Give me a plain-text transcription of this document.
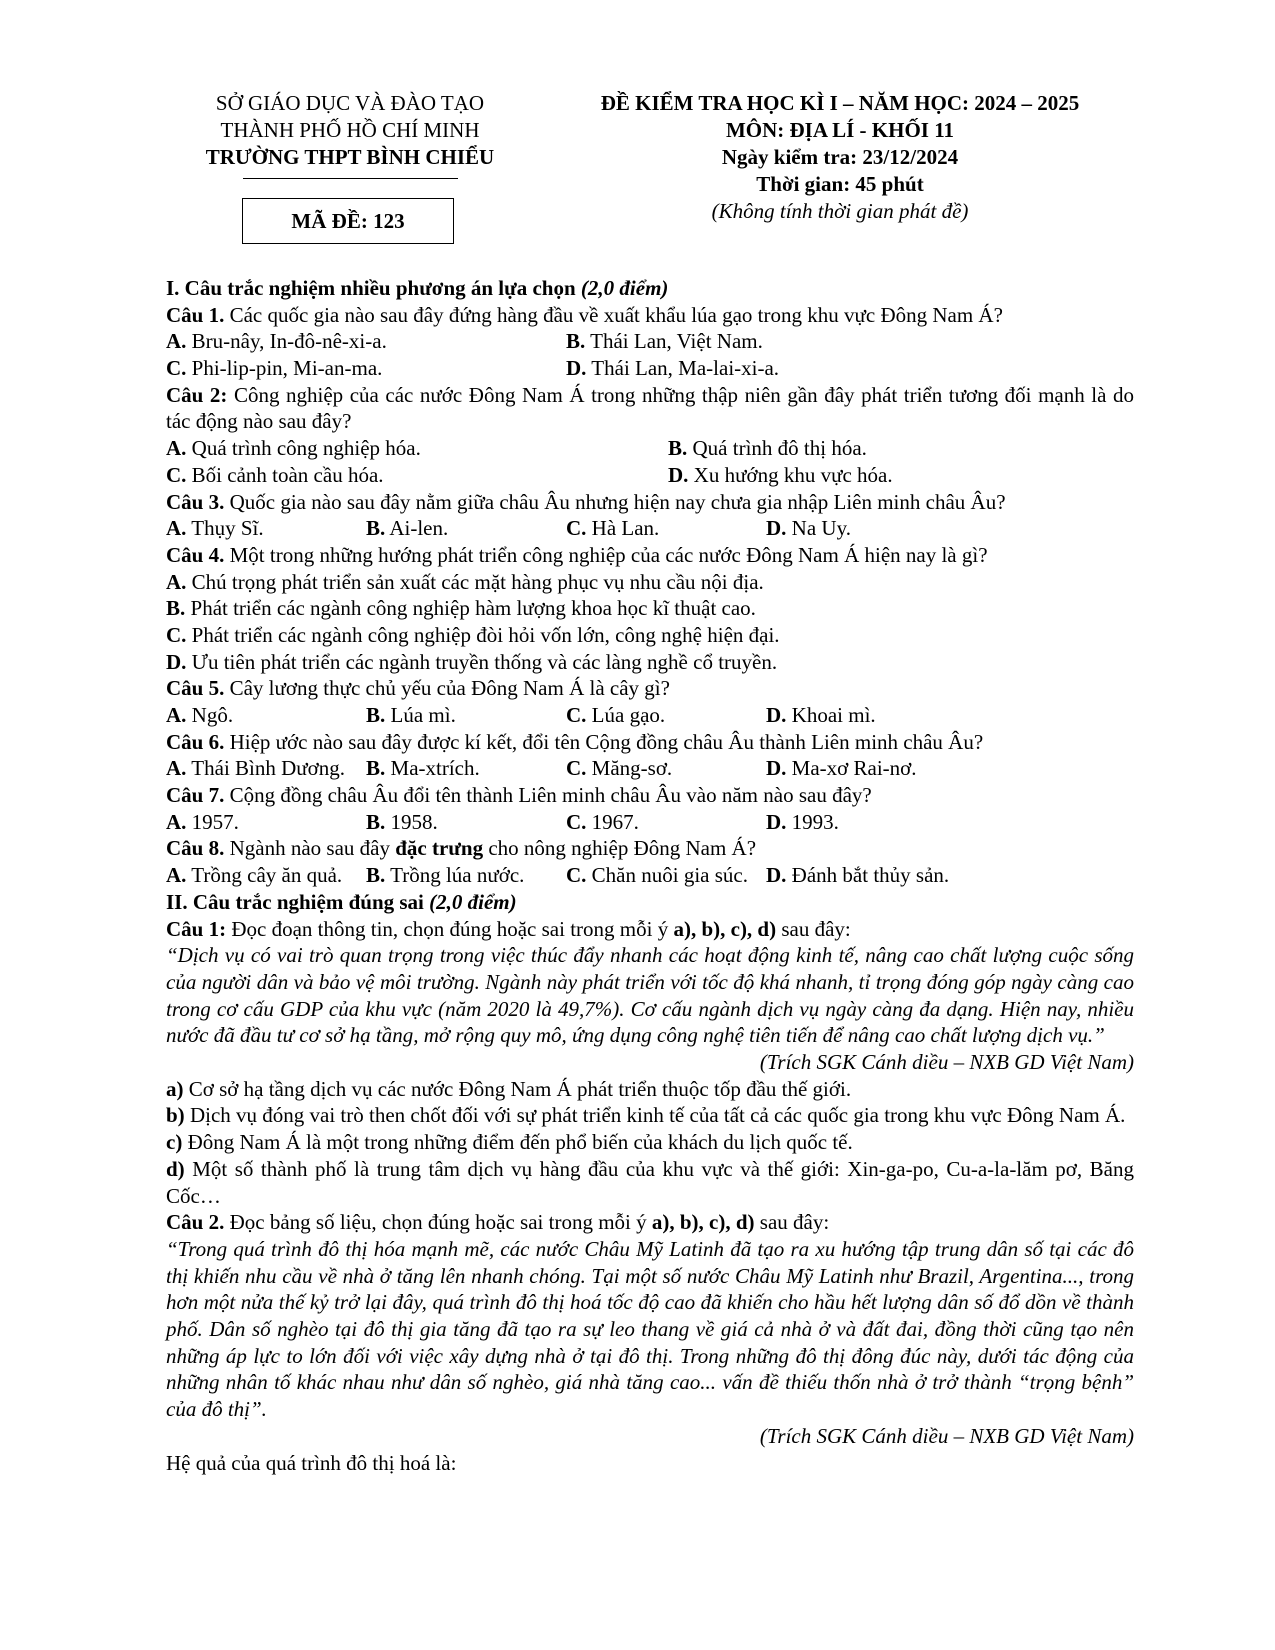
SỞ GIÁO DỤC VÀ ĐÀO TẠO
THÀNH PHỐ HỒ CHÍ MINH
TRƯỜNG THPT BÌNH CHIỂU
MÃ ĐỀ: 123
ĐỀ KIỂM TRA HỌC KÌ I – NĂM HỌC: 2024 – 2025
MÔN: ĐỊA LÍ - KHỐI 11
Ngày kiểm tra: 23/12/2024
Thời gian: 45 phút
(Không tính thời gian phát đề)
I. Câu trắc nghiệm nhiều phương án lựa chọn (2,0 điểm)
Câu 1. Các quốc gia nào sau đây đứng hàng đầu về xuất khẩu lúa gạo trong khu vực Đông Nam Á?
A. Bru-nây, In-đô-nê-xi-a.	B. Thái Lan, Việt Nam.
C. Phi-lip-pin, Mi-an-ma.	D. Thái Lan, Ma-lai-xi-a.
Câu 2: Công nghiệp của các nước Đông Nam Á trong những thập niên gần đây phát triển tương đối mạnh là do tác động nào sau đây?
A. Quá trình công nghiệp hóa.	B. Quá trình đô thị hóa.
C. Bối cảnh toàn cầu hóa.	D. Xu hướng khu vực hóa.
Câu 3. Quốc gia nào sau đây nằm giữa châu Âu nhưng hiện nay chưa gia nhập Liên minh châu Âu?
A. Thụy Sĩ.	B. Ai-len.	C. Hà Lan.	D. Na Uy.
Câu 4. Một trong những hướng phát triển công nghiệp của các nước Đông Nam Á hiện nay là gì?
A. Chú trọng phát triển sản xuất các mặt hàng phục vụ nhu cầu nội địa.
B. Phát triển các ngành công nghiệp hàm lượng khoa học kĩ thuật cao.
C. Phát triển các ngành công nghiệp đòi hỏi vốn lớn, công nghệ hiện đại.
D. Ưu tiên phát triển các ngành truyền thống và các làng nghề cổ truyền.
Câu 5. Cây lương thực chủ yếu của Đông Nam Á là cây gì?
A. Ngô.	B. Lúa mì.	C. Lúa gạo.	D. Khoai mì.
Câu 6. Hiệp ước nào sau đây được kí kết, đổi tên Cộng đồng châu Âu thành Liên minh châu Âu?
A. Thái Bình Dương. B. Ma-xtrích.	C. Măng-sơ.	D. Ma-xơ Rai-nơ.
Câu 7. Cộng đồng châu Âu đổi tên thành Liên minh châu Âu vào năm nào sau đây?
A. 1957.	B. 1958.	C. 1967.	D. 1993.
Câu 8. Ngành nào sau đây đặc trưng cho nông nghiệp Đông Nam Á?
A. Trồng cây ăn quả.	B. Trồng lúa nước.	C. Chăn nuôi gia súc. D. Đánh bắt thủy sản.
II. Câu trắc nghiệm đúng sai (2,0 điểm)
Câu 1: Đọc đoạn thông tin, chọn đúng hoặc sai trong mỗi ý a), b), c), d) sau đây:
“Dịch vụ có vai trò quan trọng trong việc thúc đẩy nhanh các hoạt động kinh tế, nâng cao chất lượng cuộc sống của người dân và bảo vệ môi trường. Ngành này phát triển với tốc độ khá nhanh, tỉ trọng đóng góp ngày càng cao trong cơ cấu GDP của khu vực (năm 2020 là 49,7%). Cơ cấu ngành dịch vụ ngày càng đa dạng. Hiện nay, nhiều nước đã đầu tư cơ sở hạ tầng, mở rộng quy mô, ứng dụng công nghệ tiên tiến để nâng cao chất lượng dịch vụ.”
(Trích SGK Cánh diều – NXB GD Việt Nam)
a) Cơ sở hạ tầng dịch vụ các nước Đông Nam Á phát triển thuộc tốp đầu thế giới.
b) Dịch vụ đóng vai trò then chốt đối với sự phát triển kinh tế của tất cả các quốc gia trong khu vực Đông Nam Á.
c) Đông Nam Á là một trong những điểm đến phổ biến của khách du lịch quốc tế.
d) Một số thành phố là trung tâm dịch vụ hàng đầu của khu vực và thế giới: Xin-ga-po, Cu-a-la-lăm pơ, Băng Cốc…
Câu 2. Đọc bảng số liệu, chọn đúng hoặc sai trong mỗi ý a), b), c), d) sau đây:
“Trong quá trình đô thị hóa mạnh mẽ, các nước Châu Mỹ Latinh đã tạo ra xu hướng tập trung dân số tại các đô thị khiến nhu cầu về nhà ở tăng lên nhanh chóng. Tại một số nước Châu Mỹ Latinh như Brazil, Argentina..., trong hơn một nửa thế kỷ trở lại đây, quá trình đô thị hoá tốc độ cao đã khiến cho hầu hết lượng dân số đổ dồn về thành phố. Dân số nghèo tại đô thị gia tăng đã tạo ra sự leo thang về giá cả nhà ở và đất đai, đồng thời cũng tạo nên những áp lực to lớn đối với việc xây dựng nhà ở tại đô thị. Trong những đô thị đông đúc này, dưới tác động của những nhân tố khác nhau như dân số nghèo, giá nhà tăng cao... vấn đề thiếu thốn nhà ở trở thành “trọng bệnh” của đô thị”.
(Trích SGK Cánh diều – NXB GD Việt Nam)
Hệ quả của quá trình đô thị hoá là:
